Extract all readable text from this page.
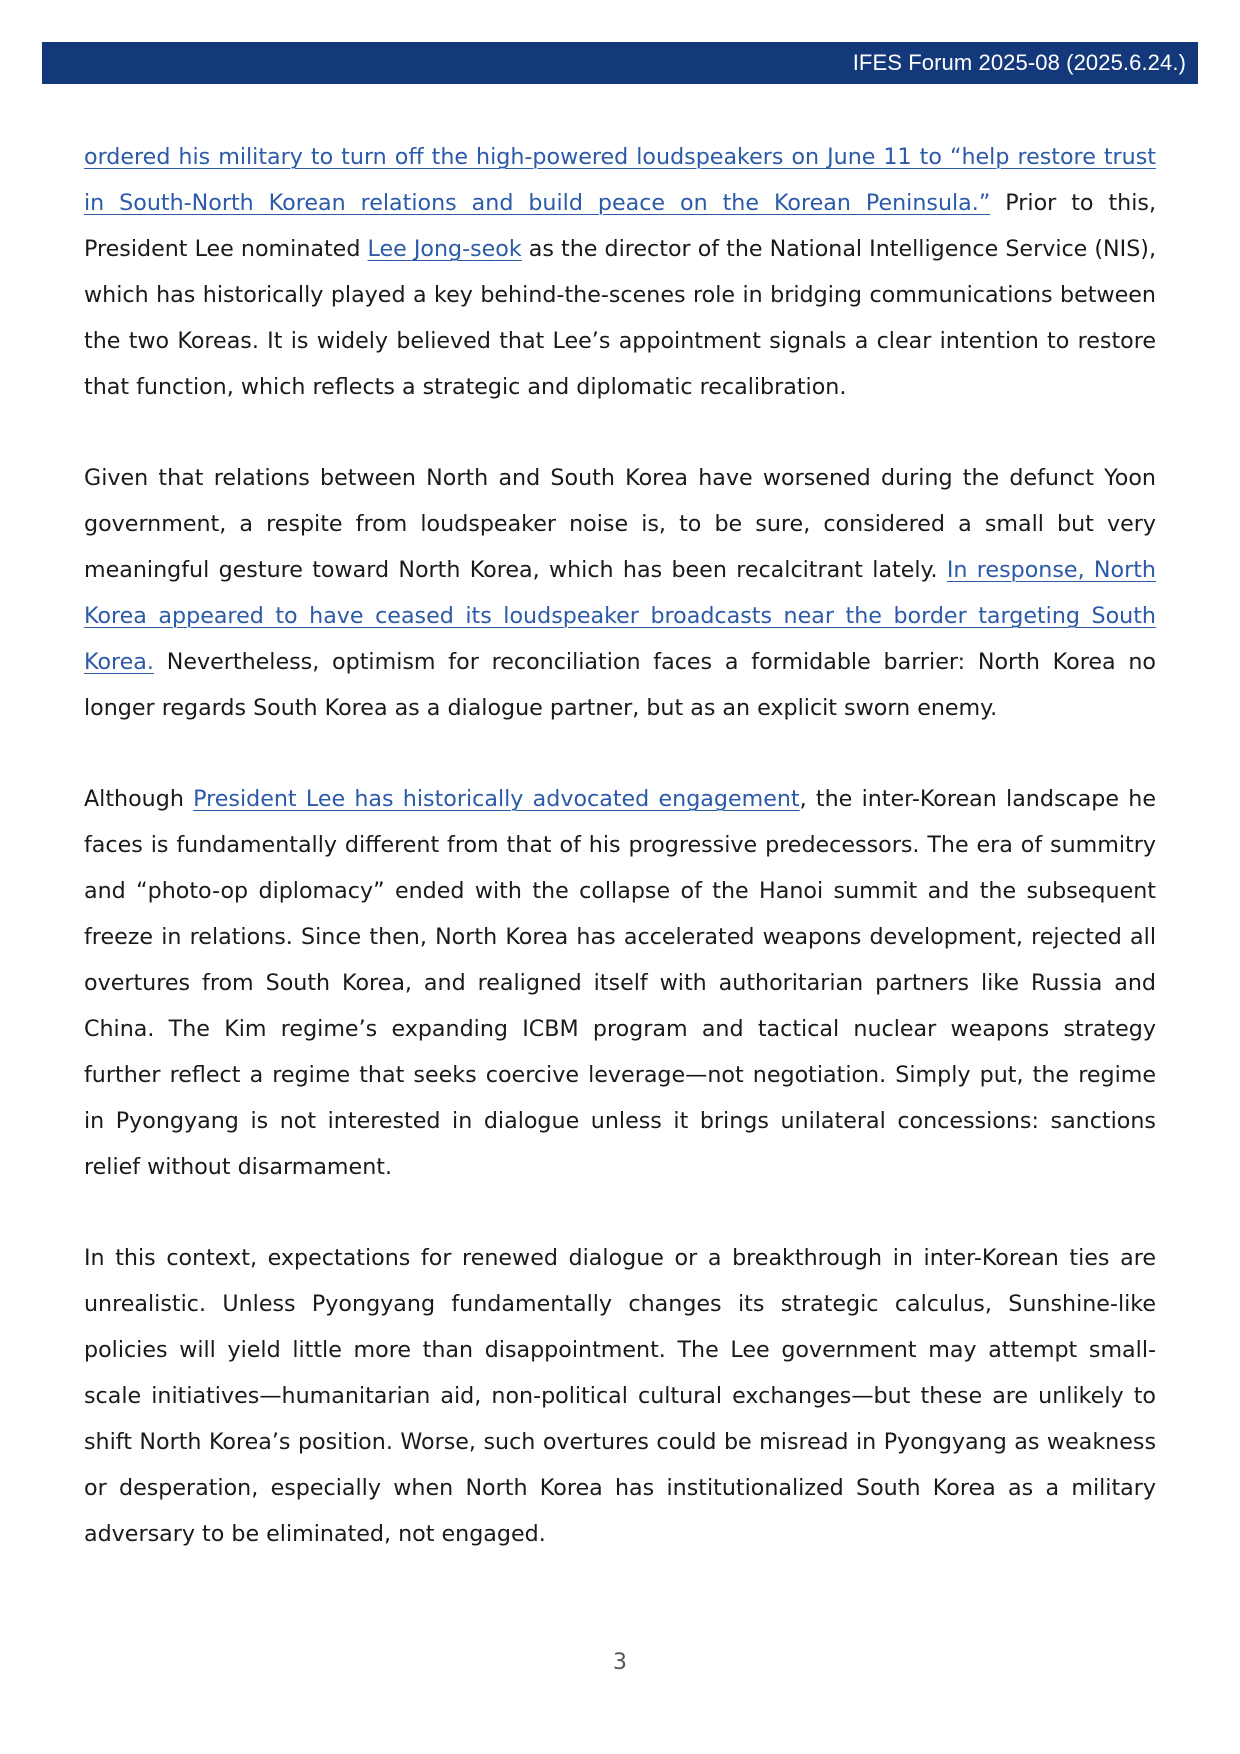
IFES Forum 2025-08 (2025.6.24.)

ordered his military to turn off the high-powered loudspeakers on June 11 to “help restore trust in South-North Korean relations and build peace on the Korean Peninsula.” Prior to this, President Lee nominated Lee Jong-seok as the director of the National Intelligence Service (NIS), which has historically played a key behind-the-scenes role in bridging communications between the two Koreas. It is widely believed that Lee’s appointment signals a clear intention to restore that function, which reflects a strategic and diplomatic recalibration.

Given that relations between North and South Korea have worsened during the defunct Yoon government, a respite from loudspeaker noise is, to be sure, considered a small but very meaningful gesture toward North Korea, which has been recalcitrant lately. In response, North Korea appeared to have ceased its loudspeaker broadcasts near the border targeting South Korea. Nevertheless, optimism for reconciliation faces a formidable barrier: North Korea no longer regards South Korea as a dialogue partner, but as an explicit sworn enemy.

Although President Lee has historically advocated engagement, the inter-Korean landscape he faces is fundamentally different from that of his progressive predecessors. The era of summitry and “photo-op diplomacy” ended with the collapse of the Hanoi summit and the subsequent freeze in relations. Since then, North Korea has accelerated weapons development, rejected all overtures from South Korea, and realigned itself with authoritarian partners like Russia and China. The Kim regime’s expanding ICBM program and tactical nuclear weapons strategy further reflect a regime that seeks coercive leverage—not negotiation. Simply put, the regime in Pyongyang is not interested in dialogue unless it brings unilateral concessions: sanctions relief without disarmament.

In this context, expectations for renewed dialogue or a breakthrough in inter-Korean ties are unrealistic. Unless Pyongyang fundamentally changes its strategic calculus, Sunshine-like policies will yield little more than disappointment. The Lee government may attempt small-scale initiatives—humanitarian aid, non-political cultural exchanges—but these are unlikely to shift North Korea’s position. Worse, such overtures could be misread in Pyongyang as weakness or desperation, especially when North Korea has institutionalized South Korea as a military adversary to be eliminated, not engaged.

3
